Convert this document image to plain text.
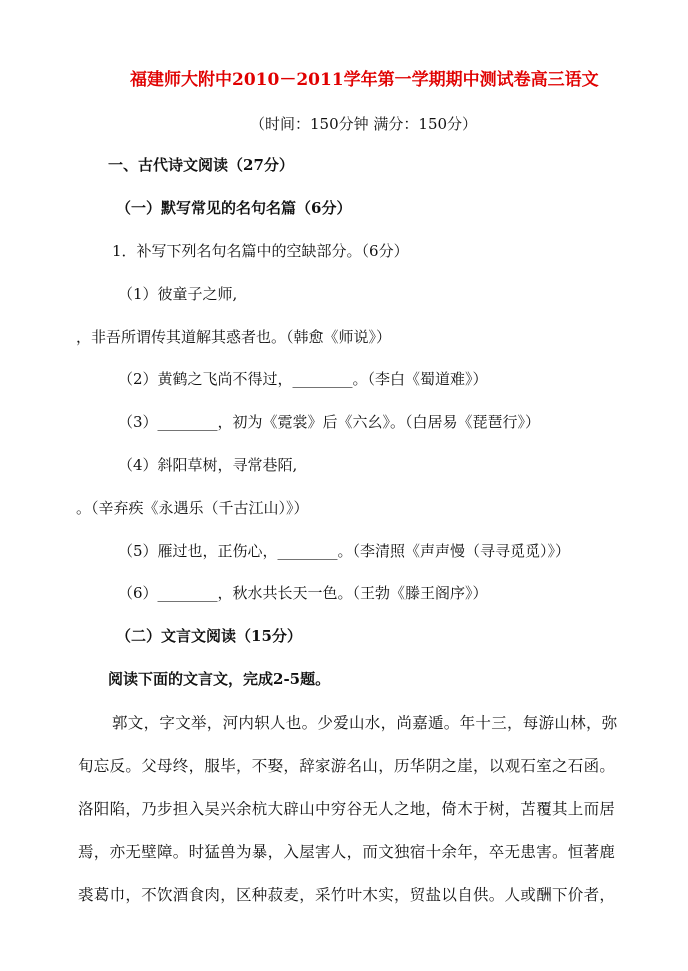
福建师大附中2010－2011学年第一学期期中测试卷高三语文
（时间：150分钟 满分：150分）
一、古代诗文阅读（27分）
（一）默写常见的名句名篇（6分）
1．补写下列名句名篇中的空缺部分。（6分）
（1）彼童子之师,
，非吾所谓传其道解其惑者也。（韩愈《师说》）
（2）黄鹤之飞尚不得过，________。（李白《蜀道难》）
（3）________，初为《霓裳》后《六幺》。（白居易《琵琶行》）
（4）斜阳草树，寻常巷陌,
。（辛弃疾《永遇乐（千古江山）》）
（5）雁过也，正伤心，________。（李清照《声声慢（寻寻觅觅）》）
（6）________，秋水共长天一色。（王勃《滕王阁序》）
（二）文言文阅读（15分）
阅读下面的文言文，完成2-5题。
郭文，字文举，河内轵人也。少爱山水，尚嘉遁。年十三，每游山林，弥
旬忘反。父母终，服毕，不娶，辞家游名山，历华阴之崖，以观石室之石函。
洛阳陷，乃步担入吴兴余杭大辟山中穷谷无人之地，倚木于树，苫覆其上而居
焉，亦无壁障。时猛兽为暴，入屋害人，而文独宿十余年，卒无患害。恒著鹿
裘葛巾，不饮酒食肉，区种菽麦，采竹叶木实，贸盐以自供。人或酬下价者，
